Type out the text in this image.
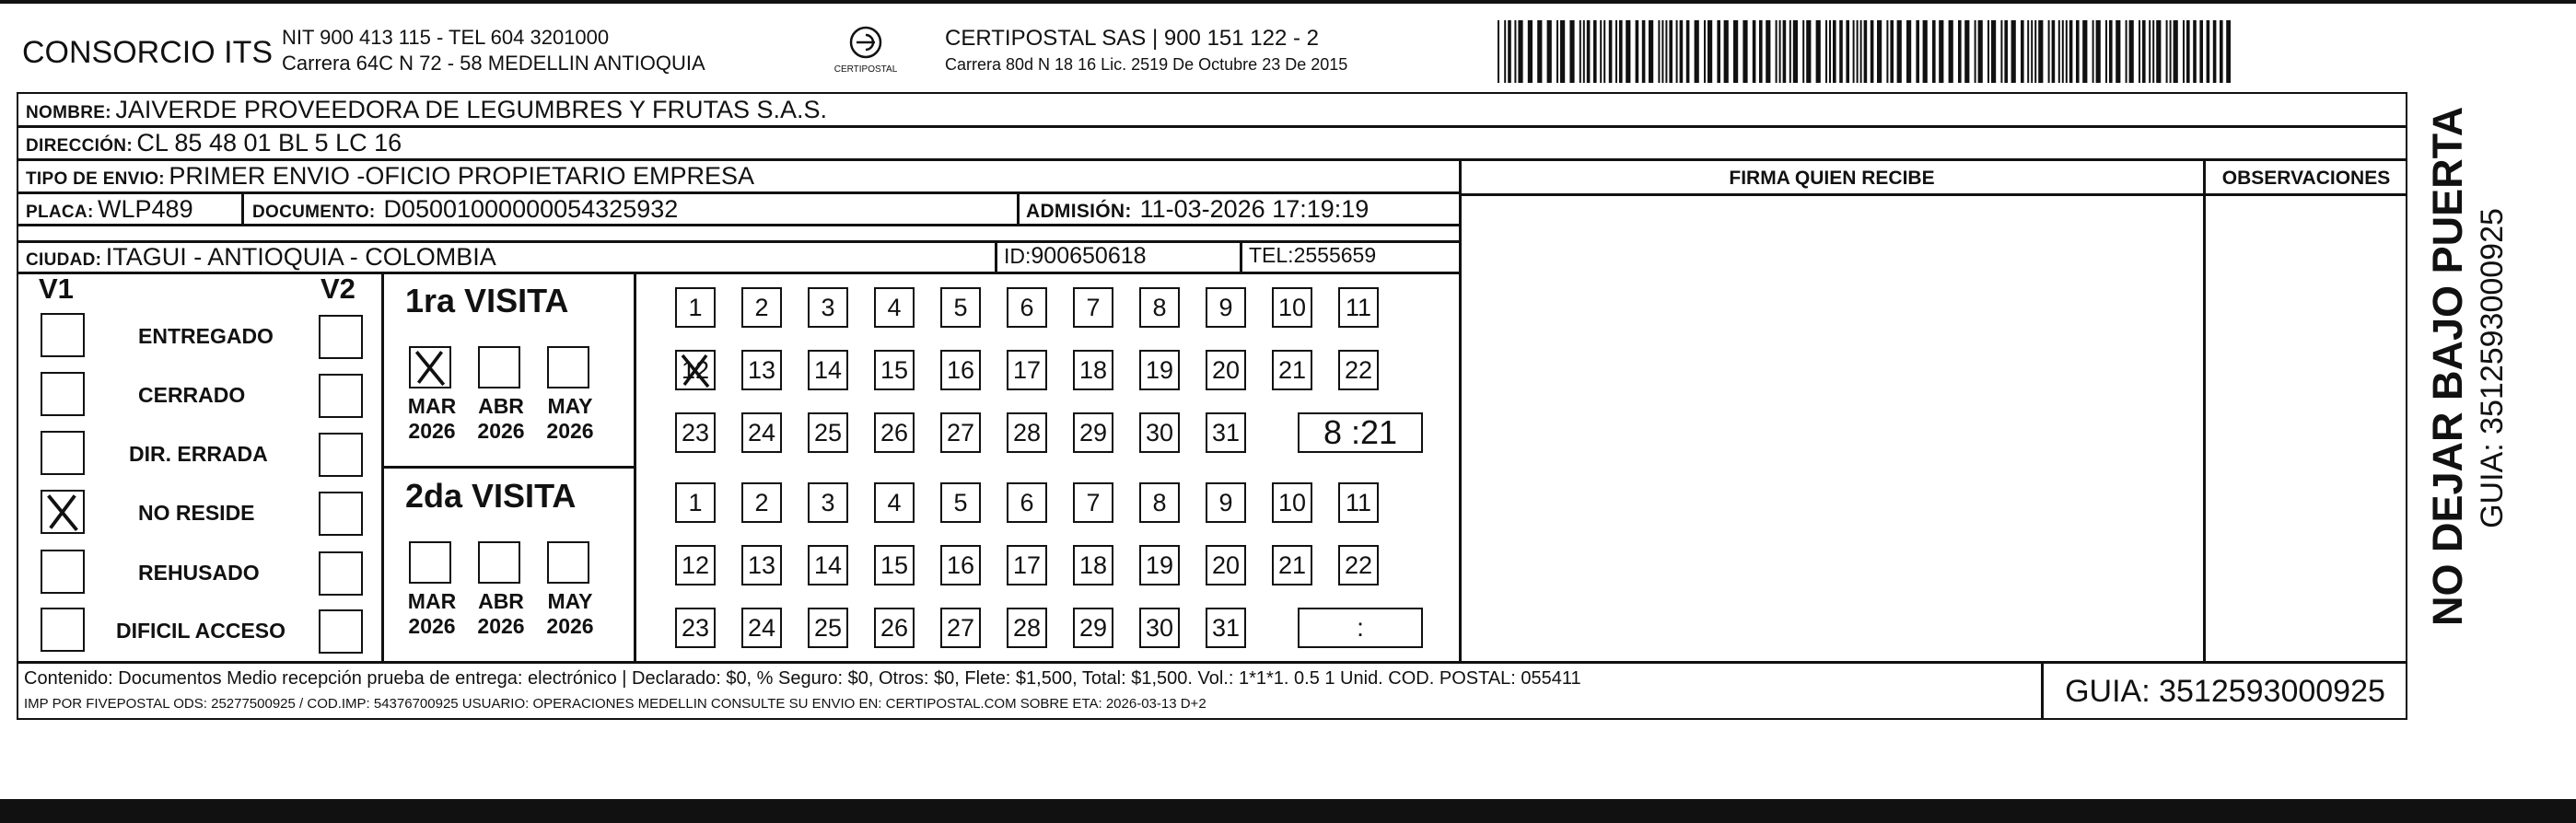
CONSORCIO ITS NIT 900 413 115 - TEL 604 3201000
Carrera 64C N 72 - 58 MEDELLIN ANTIOQUIA	CERTIPOSTAL
CERTIPOSTAL SAS | 900 151 122 - 2
Carrera 80d N 18 16 Lic. 2519 De Octubre 23 De 2015
NOMBRE: JAIVERDE PROVEEDORA DE LEGUMBRES Y FRUTAS S.A.S.
DIRECCIÓN: CL 85 48 01 BL 5 LC 16
TIPO DE ENVIO: PRIMER ENVIO -OFICIO PROPIETARIO EMPRESA	FIRMA QUIEN RECIBE	OBSERVACIONES
PLACA: WLP489	DOCUMENTO: D05001000000054325932	ADMISIÓN: 11-03-2026 17:19:19
CIUDAD: ITAGUI - ANTIOQUIA - COLOMBIA	ID:900650618	TEL:2555659
V1	V2
ENTREGADO
CERRADO
DIR. ERRADA
NO RESIDE
REHUSADO
DIFICIL ACCESO
1ra VISITA
MAR
2026
ABR
2026
MAY
2026
1	2	3	4	5	6	7	8	9	10 11
12 13 14 15 16 17 18 19 20 21 22
23 24 25 26 27 28 29 30 31	8 :21
2da VISITA
MAR
2026
ABR
2026
MAY
2026
1	2	3	4	5	6	7	8	9	10 11
12 13 14 15 16 17 18 19 20 21 22
23 24 25 26 27 28 29 30 31	:
Contenido: Documentos Medio recepción prueba de entrega: electrónico | Declarado: $0, % Seguro: $0, Otros: $0, Flete: $1,500, Total: $1,500. Vol.: 1*1*1. 0.5 1 Unid. COD. POSTAL: 055411
IMP POR FIVEPOSTAL ODS: 25277500925 / COD.IMP: 54376700925 USUARIO: OPERACIONES MEDELLIN CONSULTE SU ENVIO EN: CERTIPOSTAL.COM SOBRE ETA: 2026-03-13 D+2	GUIA: 3512593000925
NO DEJAR BAJO PUERTA GUIA: 3512593000925
